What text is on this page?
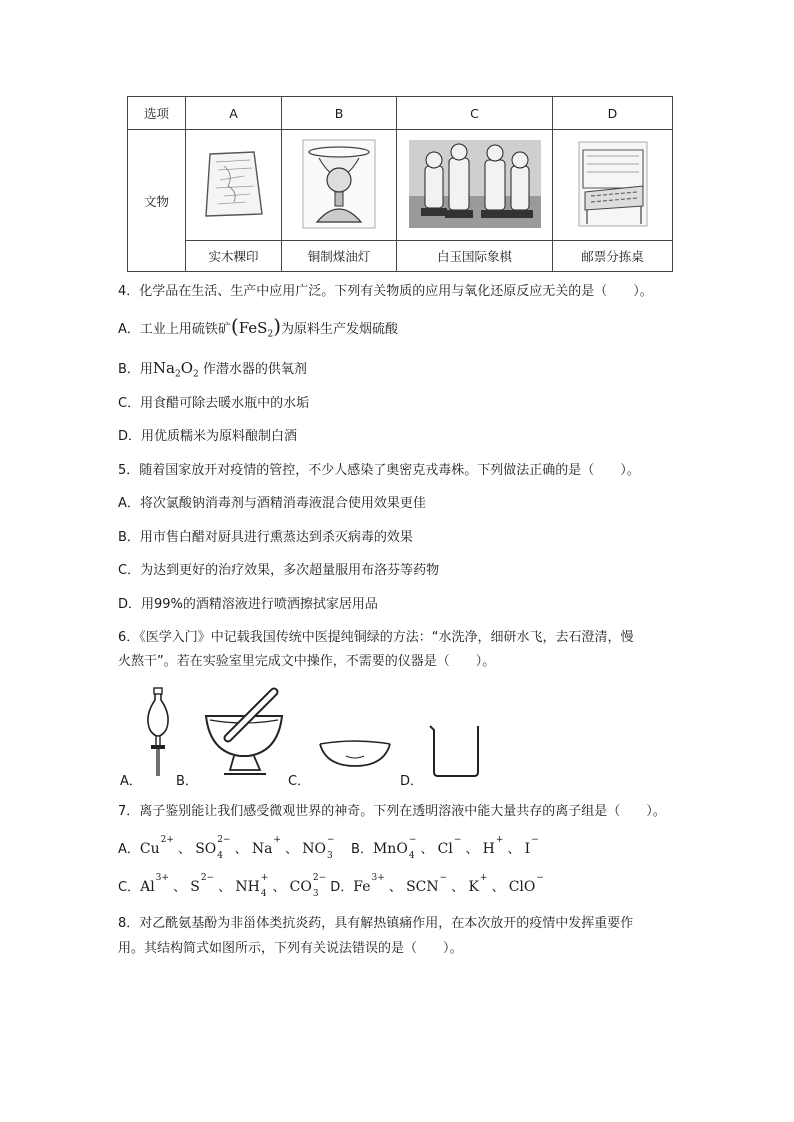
选项	A	B	C	D
文物				
	实木粿印	铜制煤油灯	白玉国际象棋	邮票分拣桌
4．化学品在生活、生产中应用广泛。下列有关物质的应用与氧化还原反应无关的是（　　）。
A．工业上用硫铁矿(FeS$_2$)为原料生产发烟硫酸
B．用$Na_2O_2$ 作潜水器的供氧剂
C．用食醋可除去暖水瓶中的水垢
D．用优质糯米为原料酿制白酒
5．随着国家放开对疫情的管控，不少人感染了奥密克戎毒株。下列做法正确的是（　　）。
A．将次氯酸钠消毒剂与酒精消毒液混合使用效果更佳
B．用市售白醋对厨具进行熏蒸达到杀灭病毒的效果
C．为达到更好的治疗效果，多次超量服用布洛芬等药物
D．用99%的酒精溶液进行喷洒擦拭家居用品
6．《医学入门》中记载我国传统中医提纯铜绿的方法：“水洗净，细研水飞，去石澄清，慢
火熬干”。若在实验室里完成文中操作，不需要的仪器是（　　）。
A．	B．	C．	D．
7．离子鉴别能让我们感受微观世界的神奇。下列在透明溶液中能大量共存的离子组是（　　）。
A．Cu
2+

、 SO
2−
4 、 Na
+

、 NO
−
3 B．MnO
−
4 、 Cl
−

、 H
+

、 I
−

C．Al
3+

、 S
2−

、 NH
+
4 、 CO
2−
3 D．Fe
3+

、 SCN
−

、 K
+

、 ClO
−

8．对乙酰氨基酚为非甾体类抗炎药，具有解热镇痛作用，在本次放开的疫情中发挥重要作
用。其结构简式如图所示，下列有关说法错误的是（　　）。
